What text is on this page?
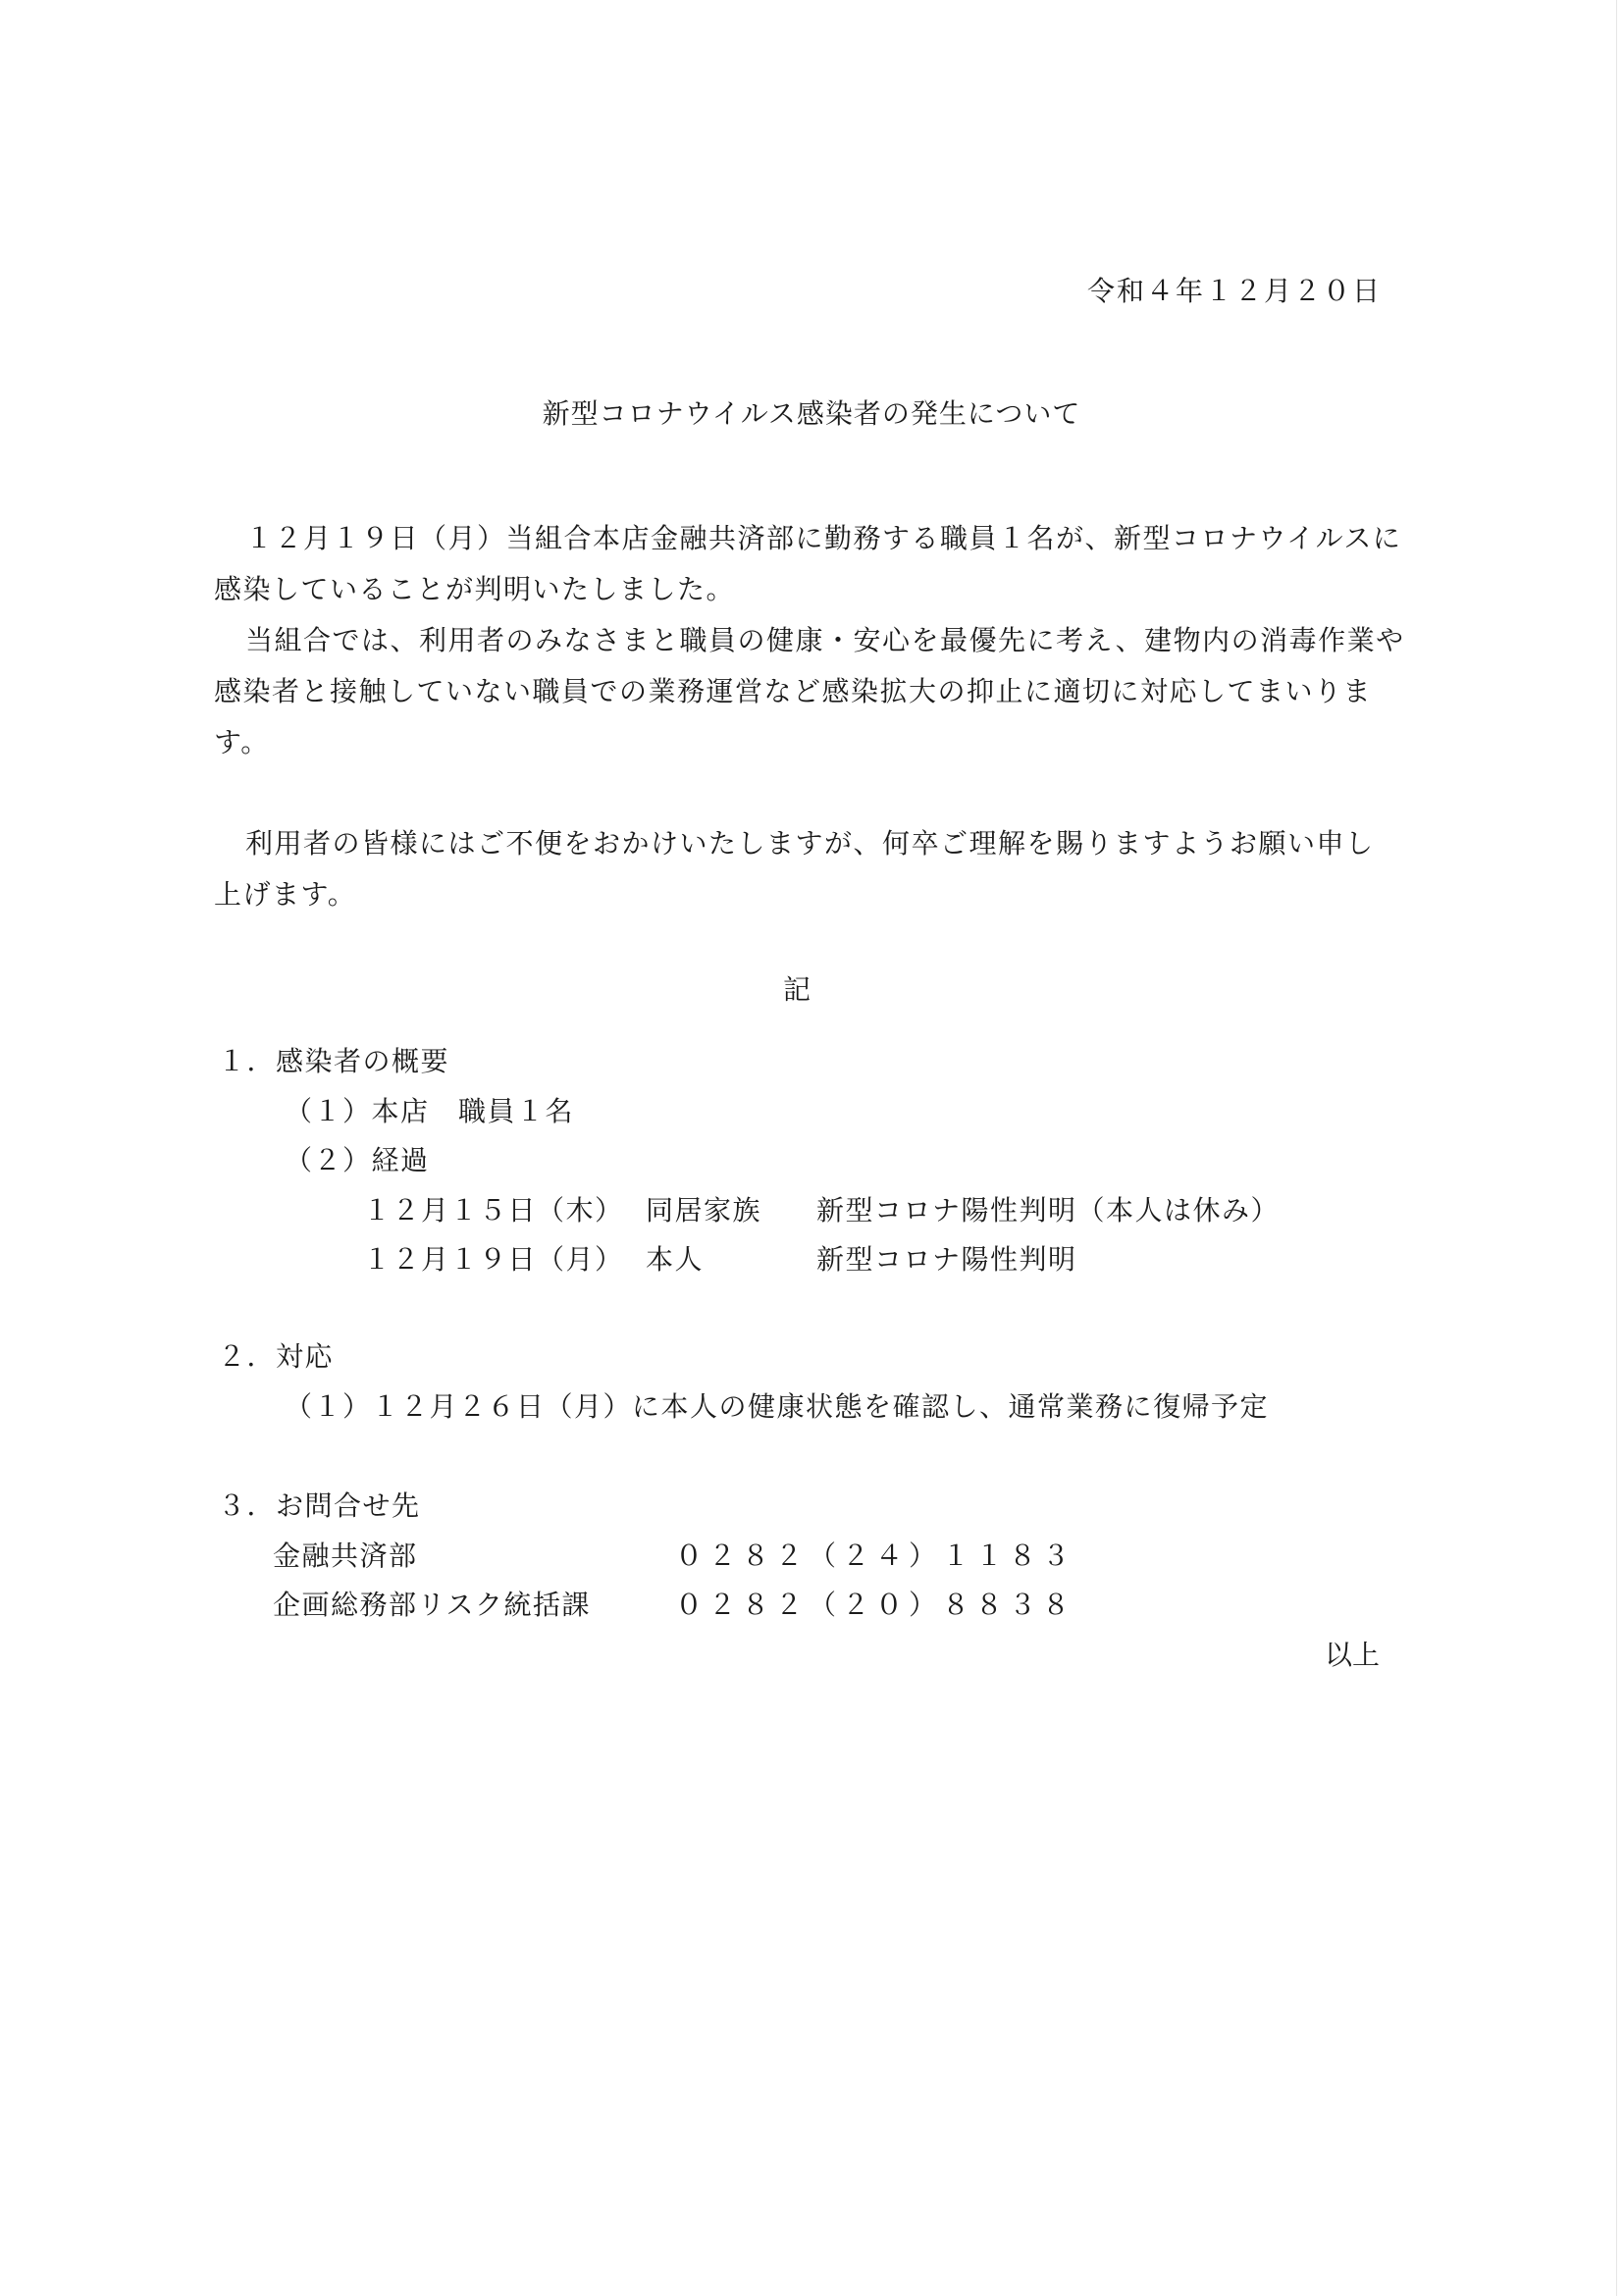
令和４年１２月２０日
新型コロナウイルス感染者の発生について
１２月１９日（月）当組合本店金融共済部に勤務する職員１名が、新型コロナウイルスに
感染していることが判明いたしました。
当組合では、利用者のみなさまと職員の健康・安心を最優先に考え、建物内の消毒作業や
感染者と接触していない職員での業務運営など感染拡大の抑止に適切に対応してまいりま
す。
利用者の皆様にはご不便をおかけいたしますが、何卒ご理解を賜りますようお願い申し
上げます。
記
１．感染者の概要
（１）本店　職員１名
（２）経過
１２月１５日（木） 同居家族 新型コロナ陽性判明（本人は休み）
１２月１９日（月） 本人	新型コロナ陽性判明
２．対応
（１）１２月２６日（月）に本人の健康状態を確認し、通常業務に復帰予定
３．お問合せ先
金融共済部	０２８２（２４）１１８３
企画総務部リスク統括課	０２８２（２０）８８３８
以上
